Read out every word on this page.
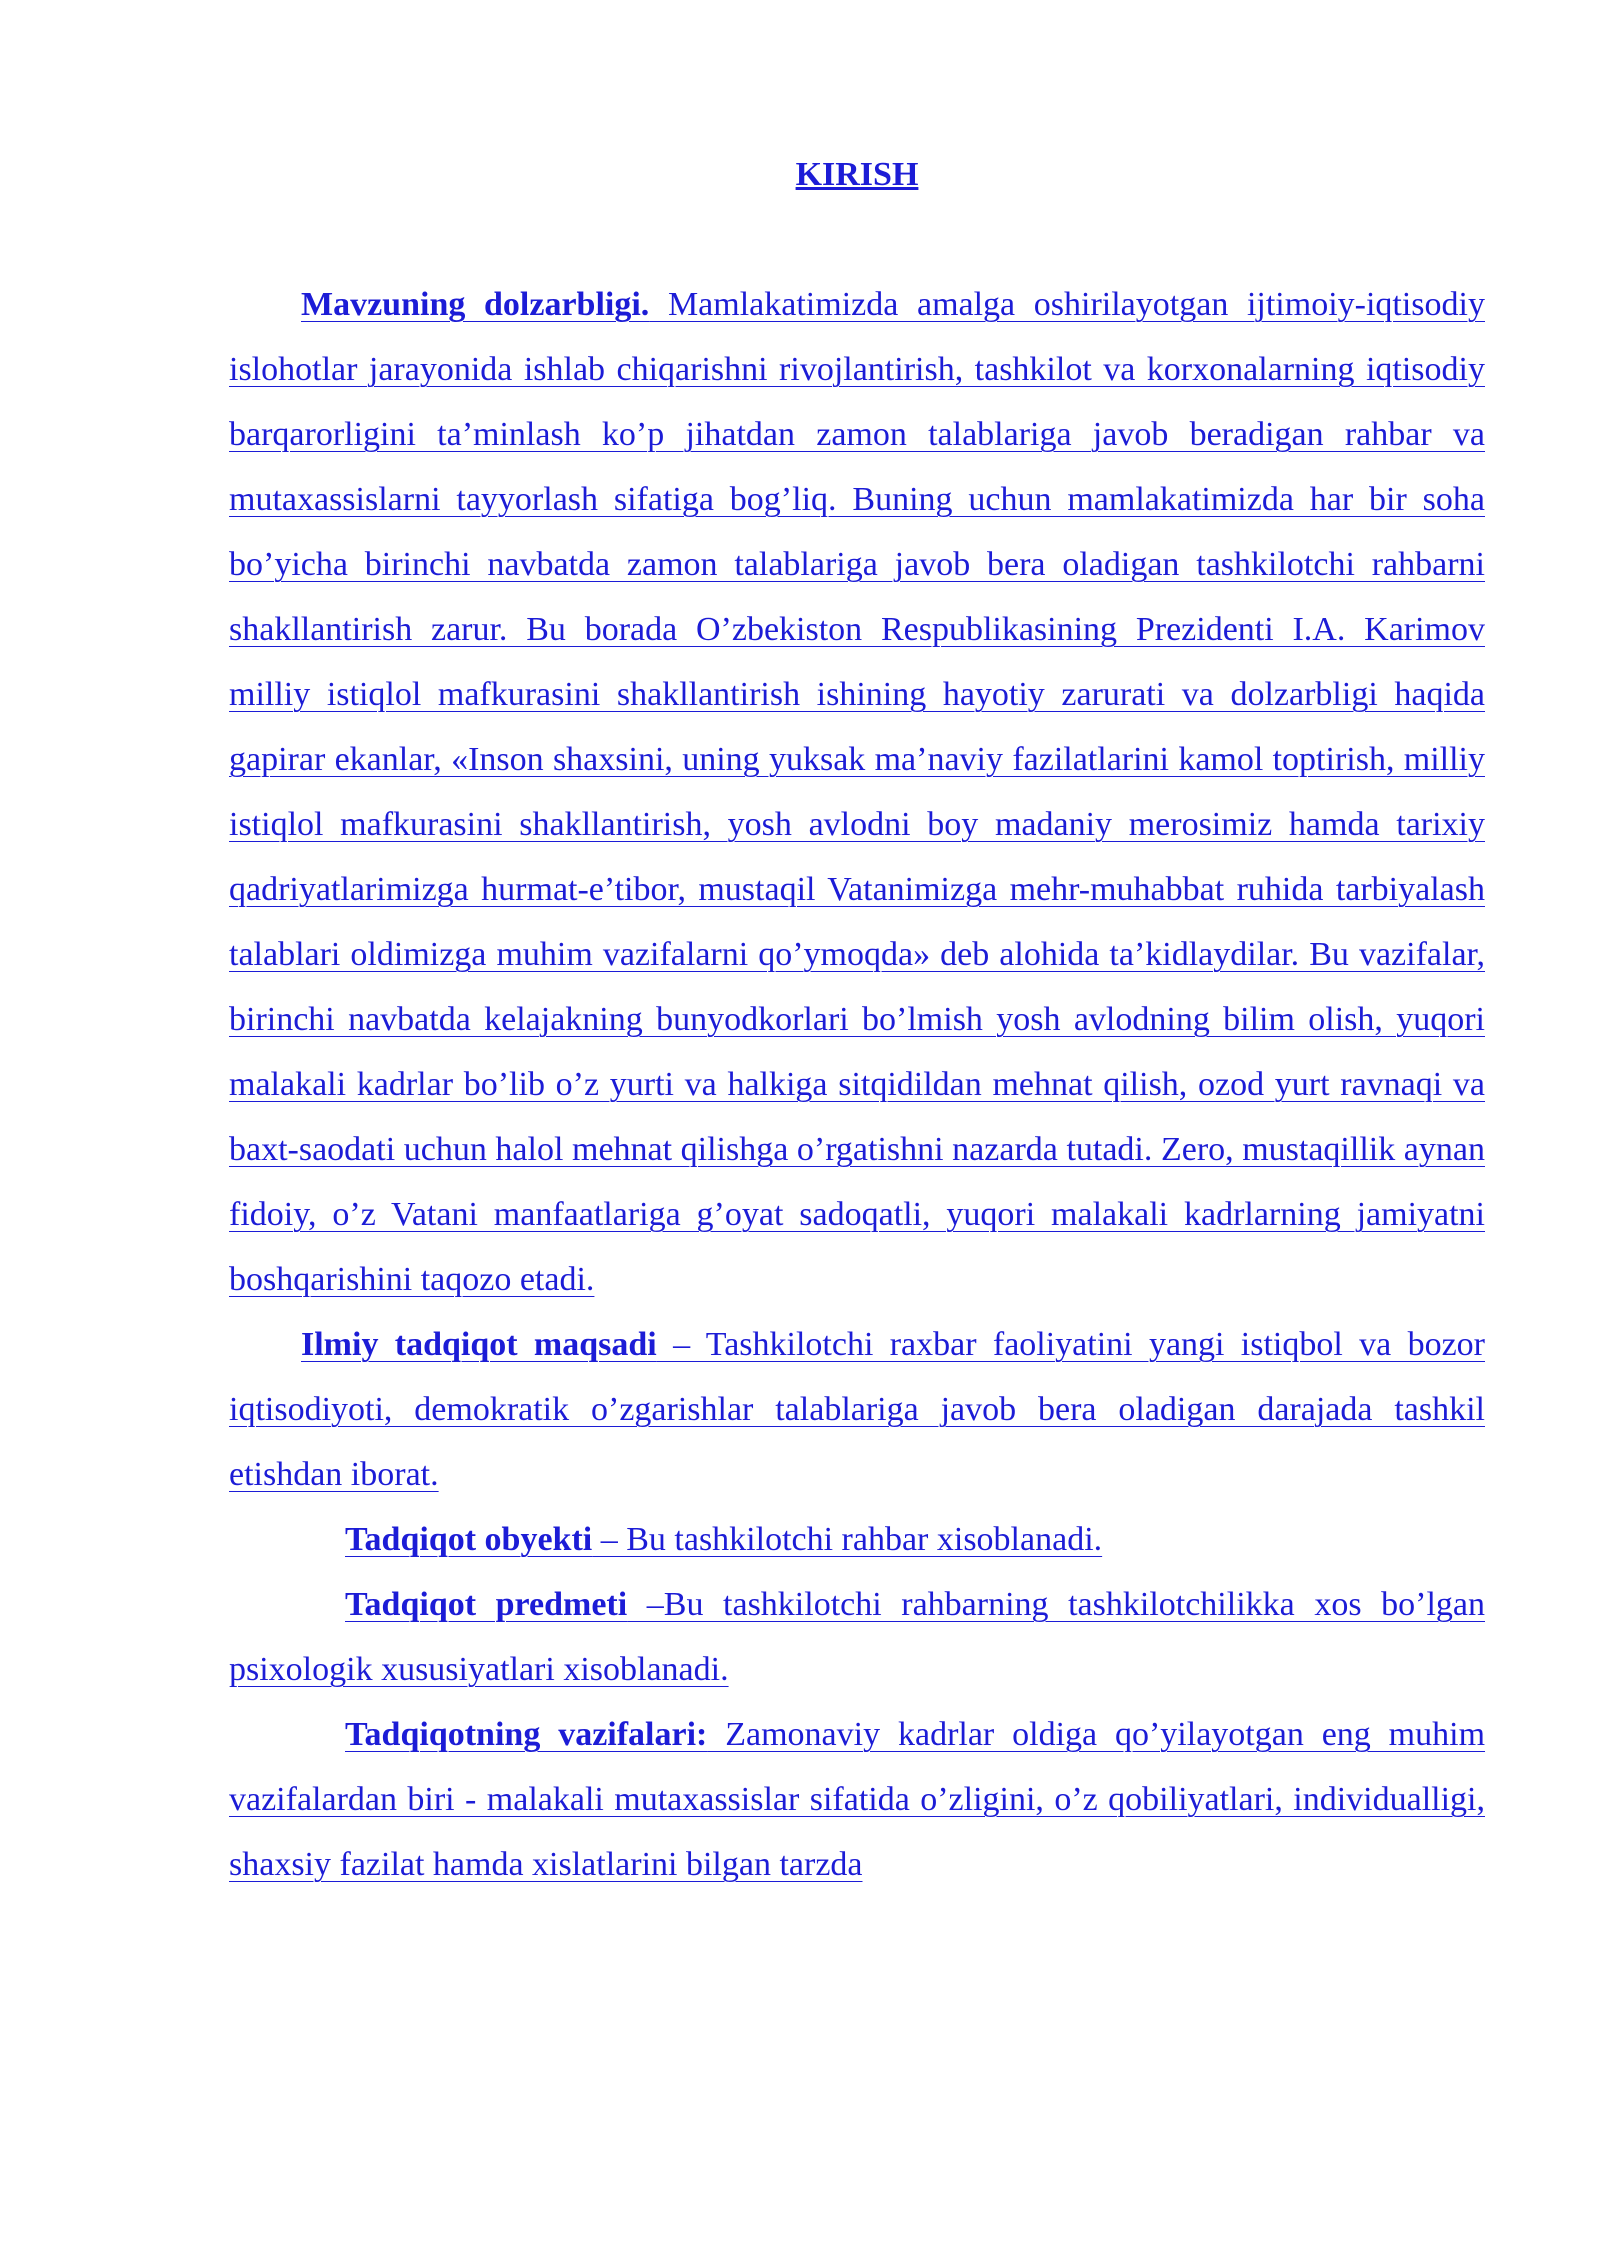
KIRISH

Mavzuning dolzarbligi. Mamlakatimizda amalga oshirilayotgan ijtimoiy-iqtisodiy islohotlar jarayonida ishlab chiqarishni rivojlantirish, tashkilot va korxonalarning iqtisodiy barqarorligini ta’minlash ko’p jihatdan zamon talablariga javob beradigan rahbar va mutaxassislarni tayyorlash sifatiga bog’liq. Buning uchun mamlakatimizda har bir soha bo’yicha birinchi navbatda zamon talablariga javob bera oladigan tashkilotchi rahbarni shakllantirish zarur. Bu borada O’zbekiston Respublikasining Prezidenti I.A. Karimov milliy istiqlol mafkurasini shakllantirish ishining hayotiy zarurati va dolzarbligi haqida gapirar ekanlar, «Inson shaxsini, uning yuksak ma’naviy fazilatlarini kamol toptirish, milliy istiqlol mafkurasini shakllantirish, yosh avlodni boy madaniy merosimiz hamda tarixiy qadriyatlarimizga hurmat-e’tibor, mustaqil Vatanimizga mehr-muhabbat ruhida tarbiyalash talablari oldimizga muhim vazifalarni qo’ymoqda» deb alohida ta’kidlaydilar. Bu vazifalar, birinchi navbatda kelajakning bunyodkorlari bo’lmish yosh avlodning bilim olish, yuqori malakali kadrlar bo’lib o’z yurti va halkiga sitqidildan mehnat qilish, ozod yurt ravnaqi va baxt-saodati uchun halol mehnat qilishga o’rgatishni nazarda tutadi. Zero, mustaqillik aynan fidoiy, o’z Vatani manfaatlariga g’oyat sadoqatli, yuqori malakali kadrlarning jamiyatni boshqarishini taqozo etadi.

Ilmiy tadqiqot maqsadi – Tashkilotchi raxbar faoliyatini yangi istiqbol va bozor iqtisodiyoti, demokratik o’zgarishlar talablariga javob bera oladigan darajada tashkil etishdan iborat.

Tadqiqot obyekti – Bu tashkilotchi rahbar xisoblanadi.

Tadqiqot predmeti –Bu tashkilotchi rahbarning tashkilotchilikka xos bo’lgan psixologik xususiyatlari xisoblanadi.

Tadqiqotning vazifalari: Zamonaviy kadrlar oldiga qo’yilayotgan eng muhim vazifalardan biri - malakali mutaxassislar sifatida o’zligini, o’z qobiliyatlari, individualligi, shaxsiy fazilat hamda xislatlarini bilgan tarzda
